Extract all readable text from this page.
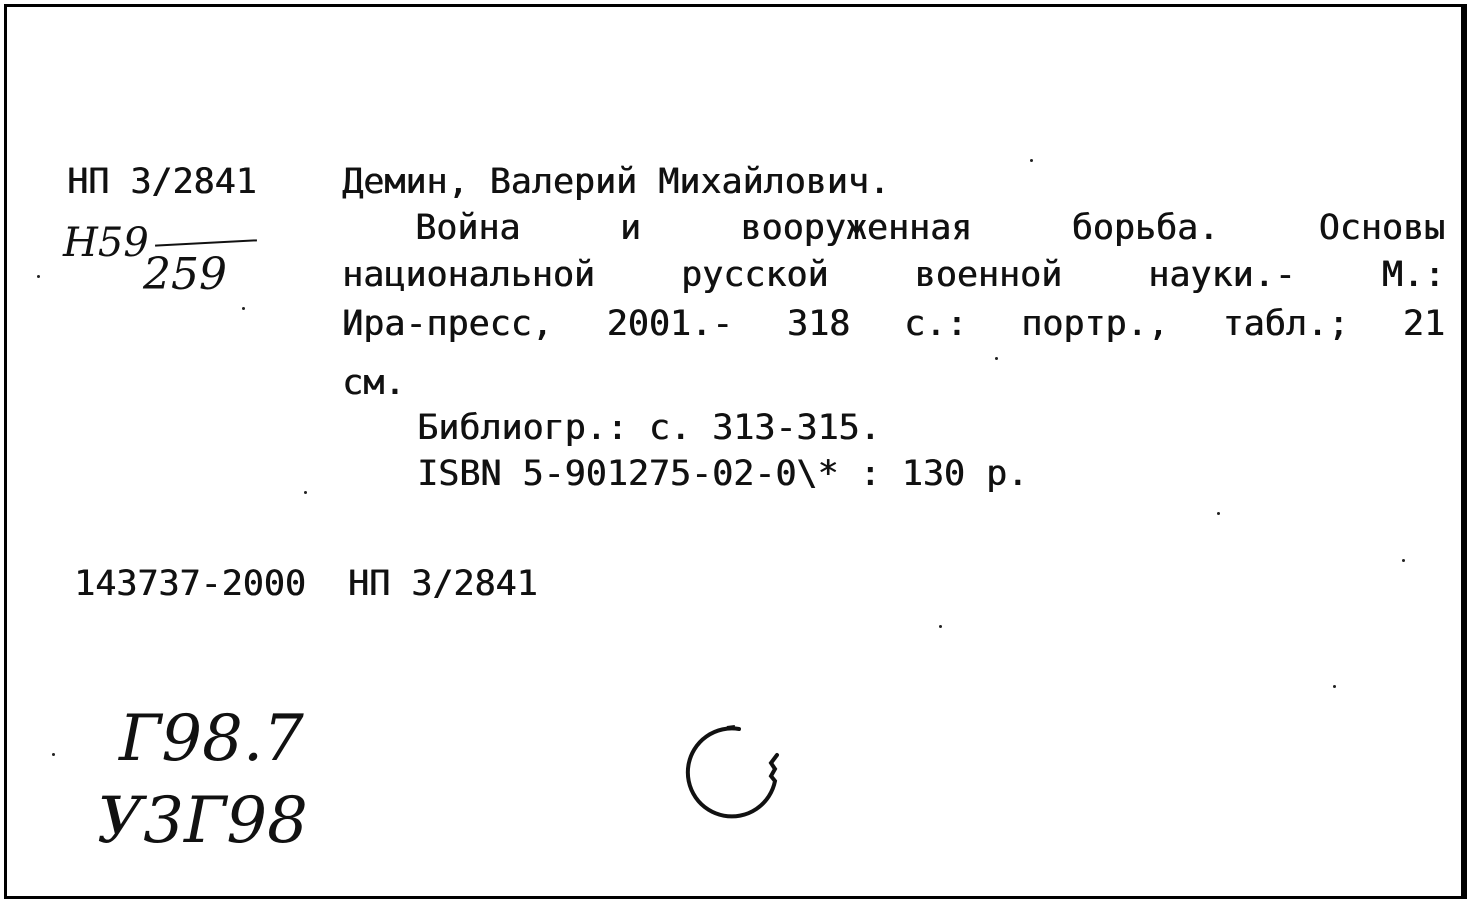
НП 3/2841
Н59
259
Демин, Валерий Михайлович.
Война	и	вооруженная	борьба.	Основы
национальной русской военной науки.- М.:
Ира-пресс, 2001.- 318 с.: портр., табл.; 21
см.
Библиогр.: с. 313-315.
ISBN 5-901275-02-0\* : 130 р.
143737-2000  НП 3/2841
Г98.7
У3Г98
